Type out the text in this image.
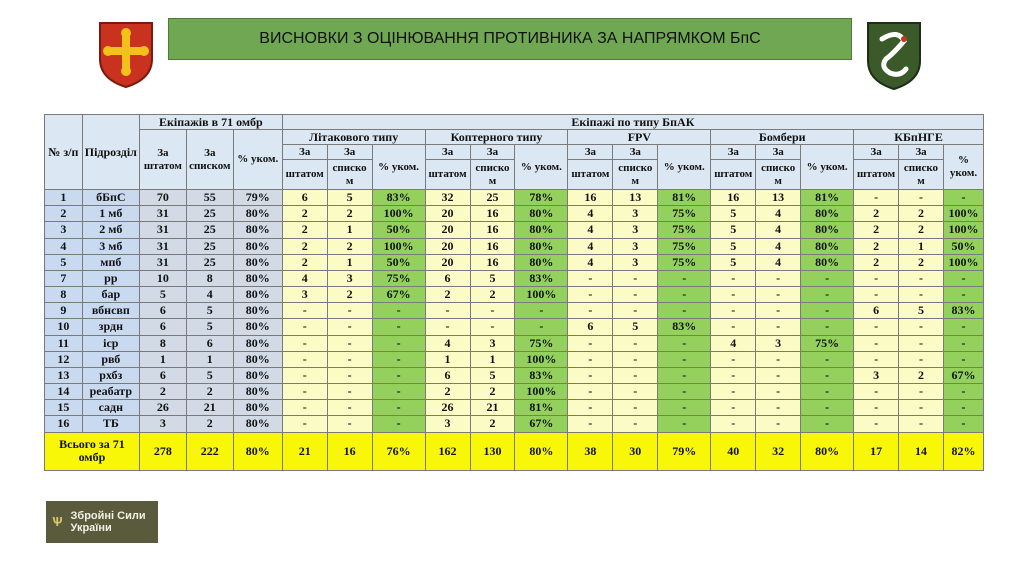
ВИСНОВКИ З ОЦІНЮВАННЯ ПРОТИВНИКА ЗА НАПРЯМКОМ БпС
№ з/п	Підрозділ	Екіпажів в 71 омбр			Екіпажі по типу БпАК														
		За штатом	За списком	% уком.	Літакового типу			Коптерного типу			FPV			Бомбери			КБпНГЕ		
					За	За	% уком.	За	За	% уком.	За	За	% уком.	За	За	% уком.	За	За	% уком.
					штатом	списко м		штатом	списко м		штатом	списко м		штатом	списко м		штатом	списко м	
1	бБпС	70	55	79%	6	5	83%	32	25	78%	16	13	81%	16	13	81%	-	-	-
2	1 мб	31	25	80%	2	2	100%	20	16	80%	4	3	75%	5	4	80%	2	2	100%
3	2 мб	31	25	80%	2	1	50%	20	16	80%	4	3	75%	5	4	80%	2	2	100%
4	3 мб	31	25	80%	2	2	100%	20	16	80%	4	3	75%	5	4	80%	2	1	50%
5	мпб	31	25	80%	2	1	50%	20	16	80%	4	3	75%	5	4	80%	2	2	100%
7	рр	10	8	80%	4	3	75%	6	5	83%	-	-	-	-	-	-	-	-	-
8	бар	5	4	80%	3	2	67%	2	2	100%	-	-	-	-	-	-	-	-	-
9	вбнсвп	6	5	80%	-	-	-	-	-	-	-	-	-	-	-	-	6	5	83%
10	зрдн	6	5	80%	-	-	-	-	-	-	6	5	83%	-	-	-	-	-	-
11	іср	8	6	80%	-	-	-	4	3	75%	-	-	-	4	3	75%	-	-	-
12	рвб	1	1	80%	-	-	-	1	1	100%	-	-	-	-	-	-	-	-	-
13	рхбз	6	5	80%	-	-	-	6	5	83%	-	-	-	-	-	-	3	2	67%
14	реабатр	2	2	80%	-	-	-	2	2	100%	-	-	-	-	-	-	-	-	-
15	садн	26	21	80%	-	-	-	26	21	81%	-	-	-	-	-	-	-	-	-
16	ТБ	3	2	80%	-	-	-	3	2	67%	-	-	-	-	-	-	-	-	-
Всього за 71 омбр		278	222	80%	21	16	76%	162	130	80%	38	30	79%	40	32	80%	17	14	82%
Ѱ Збройні Сили
України
